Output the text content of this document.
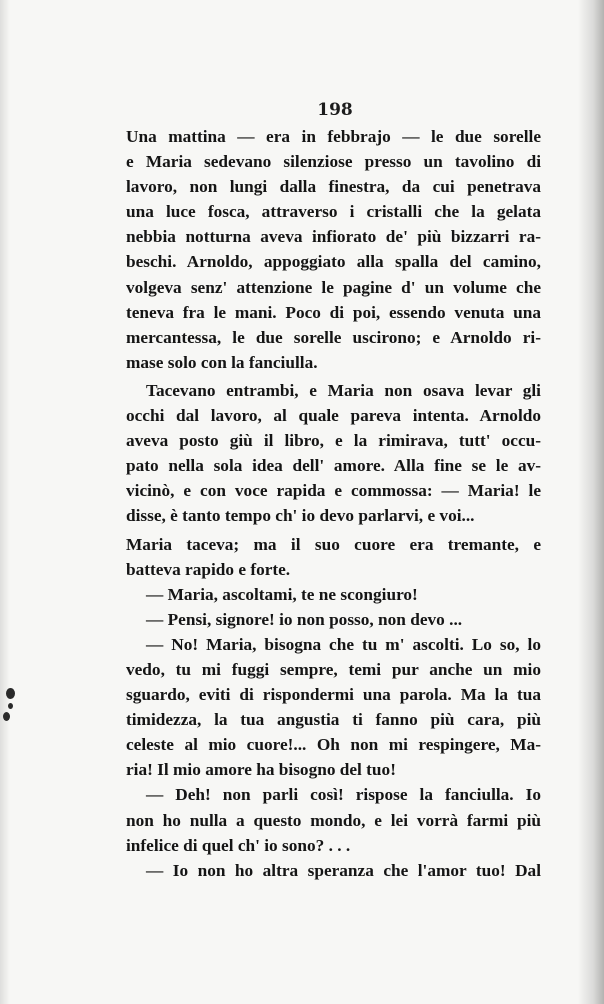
198
Una mattina — era in febbrajo — le due sorelle
e Maria sedevano silenziose presso un tavolino di
lavoro, non lungi dalla finestra, da cui penetrava
una luce fosca, attraverso i cristalli che la gelata
nebbia notturna aveva infiorato de' più bizzarri ra-
beschi. Arnoldo, appoggiato alla spalla del camino,
volgeva senz' attenzione le pagine d' un volume che
teneva fra le mani. Poco di poi, essendo venuta una
mercantessa, le due sorelle uscirono; e Arnoldo ri-
mase solo con la fanciulla.
Tacevano entrambi, e Maria non osava levar gli
occhi dal lavoro, al quale pareva intenta. Arnoldo
aveva posto giù il libro, e la rimirava, tutt' occu-
pato nella sola idea dell' amore. Alla fine se le av-
vicinò, e con voce rapida e commossa: — Maria! le
disse, è tanto tempo ch' io devo parlarvi, e voi...
Maria taceva; ma il suo cuore era tremante, e
batteva rapido e forte.
— Maria, ascoltami, te ne scongiuro!
— Pensi, signore! io non posso, non devo ...
— No! Maria, bisogna che tu m' ascolti. Lo so, lo
vedo, tu mi fuggi sempre, temi pur anche un mio
sguardo, eviti di rispondermi una parola. Ma la tua
timidezza, la tua angustia ti fanno più cara, più
celeste al mio cuore!... Oh non mi respingere, Ma-
ria! Il mio amore ha bisogno del tuo!
— Deh! non parli così! rispose la fanciulla. Io
non ho nulla a questo mondo, e lei vorrà farmi più
infelice di quel ch' io sono? . . .
— Io non ho altra speranza che l'amor tuo! Dal
